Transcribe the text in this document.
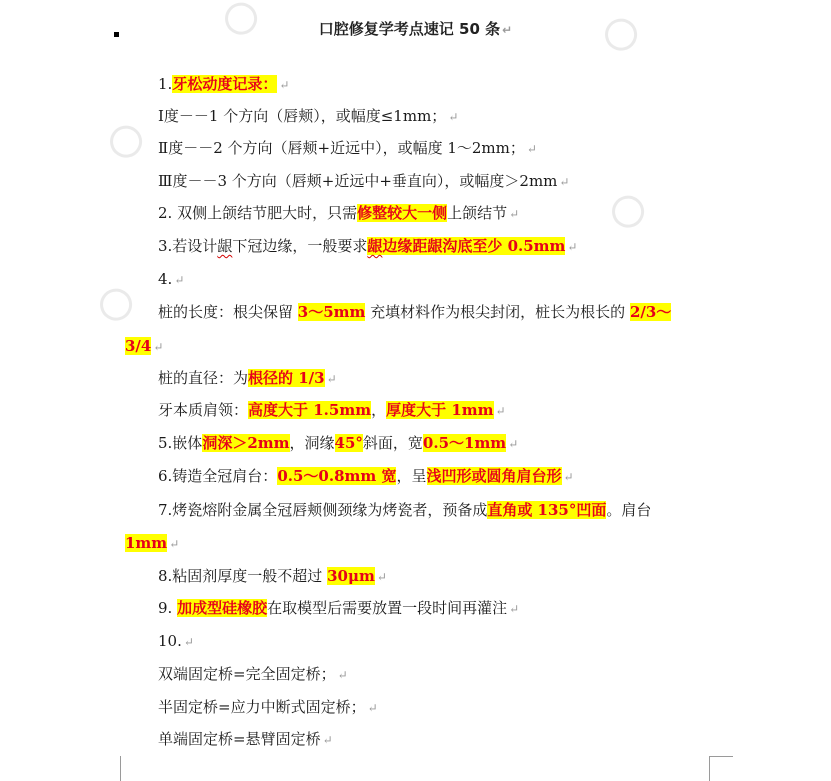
口腔修复学考点速记 50 条 ↵
1.牙松动度记录： ↵
Ⅰ度－－1 个方向（唇颊），或幅度≤1mm； ↵
Ⅱ度－－2 个方向（唇颊+近远中），或幅度 1～2mm； ↵
Ⅲ度－－3 个方向（唇颊+近远中+垂直向），或幅度＞2mm ↵
2. 双侧上颌结节肥大时，只需修整较大一侧上颌结节 ↵
3.若设计龈下冠边缘，一般要求龈边缘距龈沟底至少 0.5mm ↵
4. ↵
桩的长度：根尖保留 3～5mm 充填材料作为根尖封闭，桩长为根长的 2/3～
3/4 ↵
桩的直径：为根径的 1/3 ↵
牙本质肩领：高度大于 1.5mm，厚度大于 1mm ↵
5.嵌体洞深＞2mm，洞缘45°斜面，宽0.5～1mm ↵
6.铸造全冠肩台：0.5～0.8mm 宽，呈浅凹形或圆角肩台形 ↵
7.烤瓷熔附金属全冠唇颊侧颈缘为烤瓷者，预备成直角或 135°凹面。肩台
1mm ↵
8.粘固剂厚度一般不超过 30μm ↵
9. 加成型硅橡胶在取模型后需要放置一段时间再灌注 ↵
10. ↵
双端固定桥=完全固定桥； ↵
半固定桥=应力中断式固定桥； ↵
单端固定桥=悬臂固定桥 ↵
